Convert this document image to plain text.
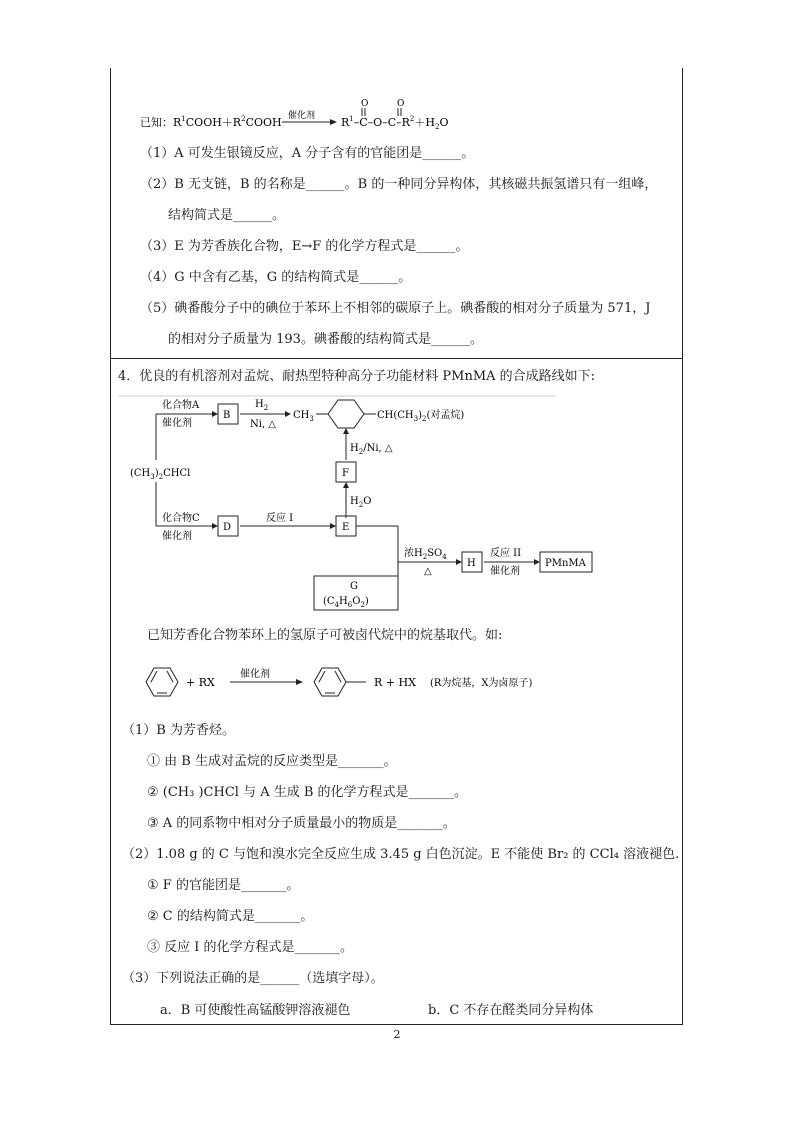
已知：$R^1COOH+R^2COOH$ 催化剂 $R^1-C-O-C-R^2+H_2O$
O	O
（1）A 可发生银镜反应，A 分子含有的官能团是______。
（2）B 无支链，B 的名称是______。B 的一种同分异构体，其核磁共振氢谱只有一组峰，
结构简式是______。
（3）E 为芳香族化合物，E→F 的化学方程式是______。
（4）G 中含有乙基，G 的结构简式是______。
（5）碘番酸分子中的碘位于苯环上不相邻的碳原子上。碘番酸的相对分子质量为 571，J
的相对分子质量为 193。碘番酸的结构简式是______。
4．优良的有机溶剂对孟烷、耐热型特种高分子功能材料 PMnMA 的合成路线如下:
$(CH_3)_2CHCl$
化合物A
催化剂
B
$H_2$
Ni, △
$CH_3$	$CH(CH_3)_2$(对孟烷)
$H_2/Ni$, △
F
$H_2O$
化合物C
催化剂
D
反应 I
E
浓$H_2SO_4$
△
G
$(C_4H_6O_2)$
H
反应 II
催化剂
PMnMA
已知芳香化合物苯环上的氢原子可被卤代烷中的烷基取代。如:
+ RX
催化剂
R + HX (R为烷基，X为卤原子)
（1）B 为芳香烃。
① 由 B 生成对孟烷的反应类型是_______。
② (CH₃ )CHCl 与 A 生成 B 的化学方程式是_______。
③ A 的同系物中相对分子质量最小的物质是_______。
（2）1.08 g 的 C 与饱和溴水完全反应生成 3.45 g 白色沉淀。E 不能使 Br₂ 的 CCl₄ 溶液褪色.
① F 的官能团是_______。
② C 的结构简式是_______。
③ 反应 I 的化学方程式是_______。
（3）下列说法正确的是______（选填字母）。
a．B 可使酸性高锰酸钾溶液褪色	b．C 不存在醛类同分异构体
2
